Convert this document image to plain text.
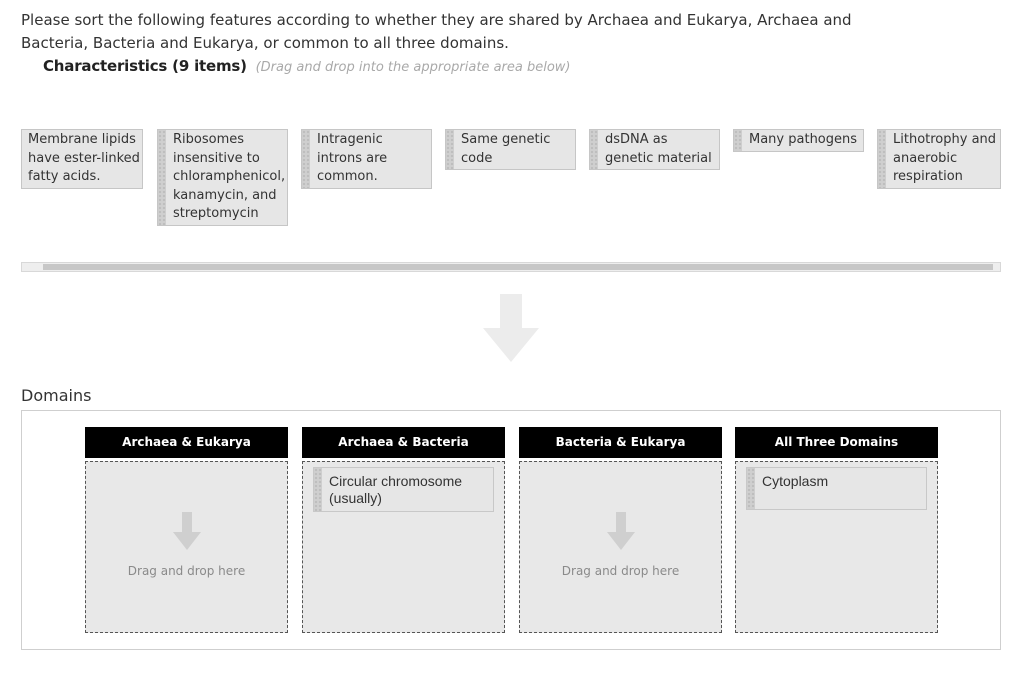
Please sort the following features according to whether they are shared by Archaea and Eukarya, Archaea and Bacteria, Bacteria and Eukarya, or common to all three domains.
Characteristics (9 items) (Drag and drop into the appropriate area below)
Membrane lipids have ester-linked fatty acids.
Ribosomes insensitive to chloramphenicol, kanamycin, and streptomycin
Intragenic introns are common.
Same genetic code
dsDNA as genetic material
Many pathogens	Lithotrophy and anaerobic respiration
Domains
Archaea & Eukarya
Drag and drop here
Archaea & Bacteria
Circular chromosome (usually)
Bacteria & Eukarya
Drag and drop here
All Three Domains
Cytoplasm
